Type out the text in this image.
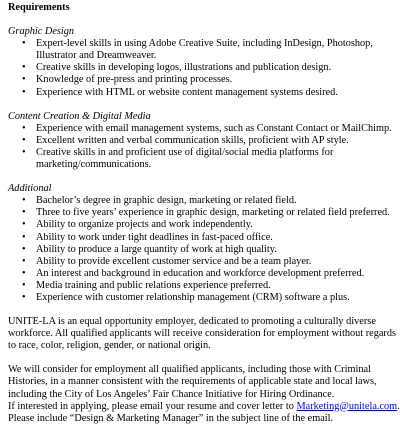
Requirements
Graphic Design
• Expert-level skills in using Adobe Creative Suite, including InDesign, Photoshop, Illustrator and Dreamweaver.
• Creative skills in developing logos, illustrations and publication design.
• Knowledge of pre-press and printing processes.
• Experience with HTML or website content management systems desired.
Content Creation & Digital Media
• Experience with email management systems, such as Constant Contact or MailChimp.
• Excellent written and verbal communication skills, proficient with AP style.
• Creative skills in and proficient use of digital/social media platforms for marketing/communications.
Additional
• Bachelor’s degree in graphic design, marketing or related field.
• Three to five years’ experience in graphic design, marketing or related field preferred.
• Ability to organize projects and work independently.
• Ability to work under tight deadlines in fast-paced office.
• Ability to produce a large quantity of work at high quality.
• Ability to provide excellent customer service and be a team player.
• An interest and background in education and workforce development preferred.
• Media training and public relations experience preferred.
• Experience with customer relationship management (CRM) software a plus.

UNITE-LA is an equal opportunity employer, dedicated to promoting a culturally diverse workforce. All qualified applicants will receive consideration for employment without regards to race, color, religion, gender, or national origin.

We will consider for employment all qualified applicants, including those with Criminal Histories, in a manner consistent with the requirements of applicable state and local laws, including the City of Los Angeles’ Fair Chance Initiative for Hiring Ordinance.
If interested in applying, please email your resume and cover letter to Marketing@unitela.com.
Please include “Design & Marketing Manager” in the subject line of the email.
